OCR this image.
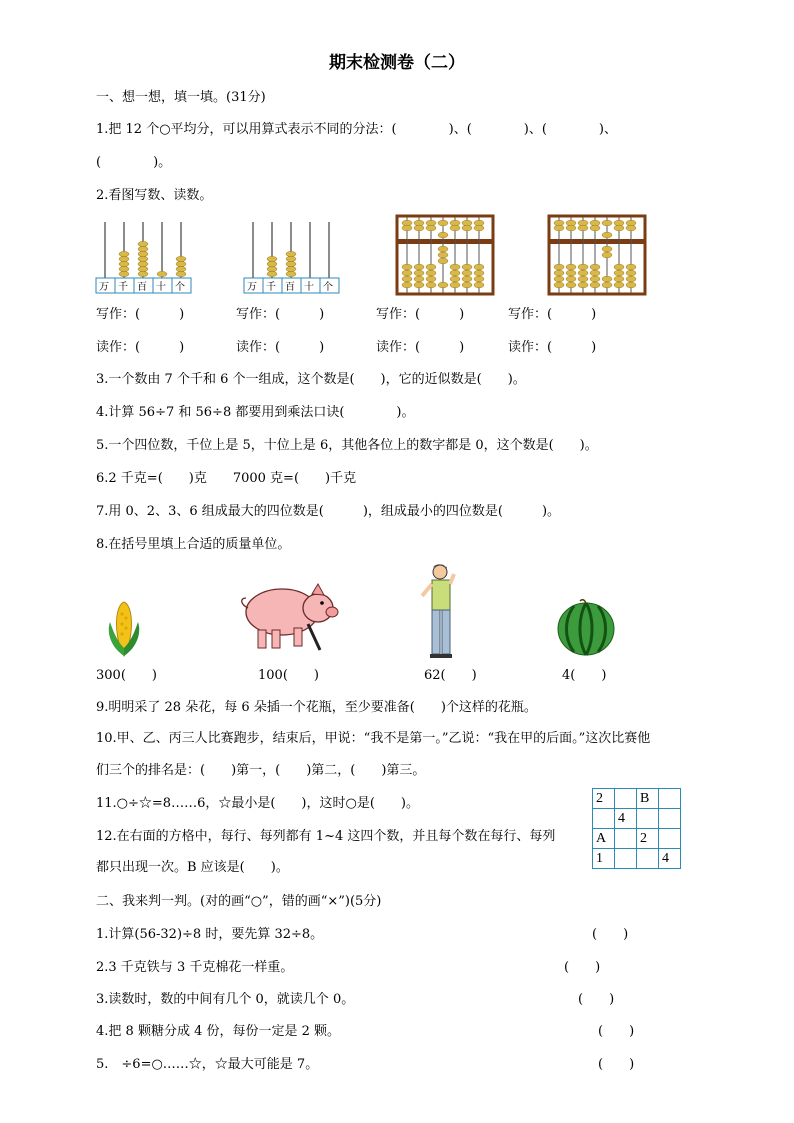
期末检测卷（二）
一、想一想，填一填。(31分)
1.把 12 个○平均分，可以用算式表示不同的分法：(　　　　)、(　　　　)、(　　　　)、
(　　　　)。
2.看图写数、读数。
万 千 百 十 个	万 千 百 十 个
写作：(　　　)	写作：(　　　)	写作：(　　　)	写作：(　　　)
读作：(　　　)	读作：(　　　)	读作：(　　　)	读作：(　　　)
3.一个数由 7 个千和 6 个一组成，这个数是(　　)，它的近似数是(　　)。
4.计算 56÷7 和 56÷8 都要用到乘法口诀(　　　　)。
5.一个四位数，千位上是 5，十位上是 6，其他各位上的数字都是 0，这个数是(　　)。
6.2 千克=(　　)克　　7000 克=(　　)千克
7.用 0、2、3、6 组成最大的四位数是(　　　)，组成最小的四位数是(　　　)。
8.在括号里填上合适的质量单位。
300(　　)	100(　　)	62(　　)	4(　　)
9.明明采了 28 朵花，每 6 朵插一个花瓶，至少要准备(　　)个这样的花瓶。
10.甲、乙、丙三人比赛跑步，结束后，甲说：“我不是第一。”乙说：“我在甲的后面。”这次比赛他
们三个的排名是：(　　)第一，(　　)第二，(　　)第三。
11.○÷☆=8……6，☆最小是(　　)，这时○是(　　)。
12.在右面的方格中，每行、每列都有 1~4 这四个数，并且每个数在每行、每列
都只出现一次。B 应该是(　　)。
2		B	
	4		
A		2	
1			4
二、我来判一判。(对的画“○”，错的画“×”)(5分)
1.计算(56-32)÷8 时，要先算 32÷8。	(　　)
2.3 千克铁与 3 千克棉花一样重。	(　　)
3.读数时，数的中间有几个 0，就读几个 0。	(　　)
4.把 8 颗糖分成 4 份，每份一定是 2 颗。	(　　)
5.　÷6=○……☆，☆最大可能是 7。	(　　)
